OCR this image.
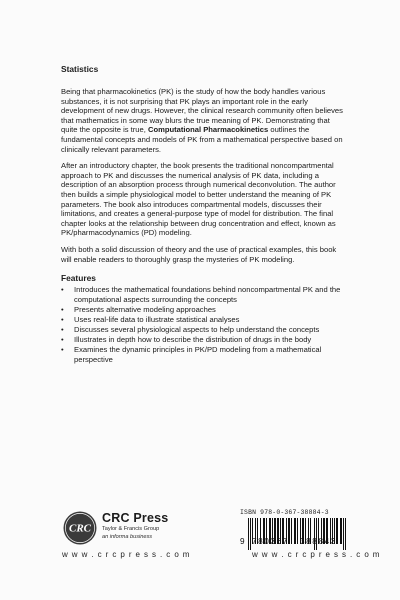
Statistics

Being that pharmacokinetics (PK) is the study of how the body handles various substances, it is not surprising that PK plays an important role in the early development of new drugs. However, the clinical research community often believes that mathematics in some way blurs the true meaning of PK. Demonstrating that quite the opposite is true, Computational Pharmacokinetics outlines the fundamental concepts and models of PK from a mathematical perspective based on clinically relevant parameters.

After an introductory chapter, the book presents the traditional noncompartmental approach to PK and discusses the numerical analysis of PK data, including a description of an absorption process through numerical deconvolution. The author then builds a simple physiological model to better understand the meaning of PK parameters. The book also introduces compartmental models, discusses their limitations, and creates a general-purpose type of model for distribution. The final chapter looks at the relationship between drug concentration and effect, known as PK/pharmacodynamics (PD) modeling.

With both a solid discussion of theory and the use of practical examples, this book will enable readers to thoroughly grasp the mysteries of PK modeling.

Features
• Introduces the mathematical foundations behind noncompartmental PK and the computational aspects surrounding the concepts
• Presents alternative modeling approaches
• Uses real-life data to illustrate statistical analyses
• Discusses several physiological aspects to help understand the concepts
• Illustrates in depth how to describe the distribution of drugs in the body
• Examines the dynamic principles in PK/PD modeling from a mathematical perspective
CRC
CRC Press
Taylor & Francis Group
an informa business
w w w . c r c p r e s s . c o m
ISBN 978-0-367-38884-3
9 780367 388843
w w w . c r c p r e s s . c o m
